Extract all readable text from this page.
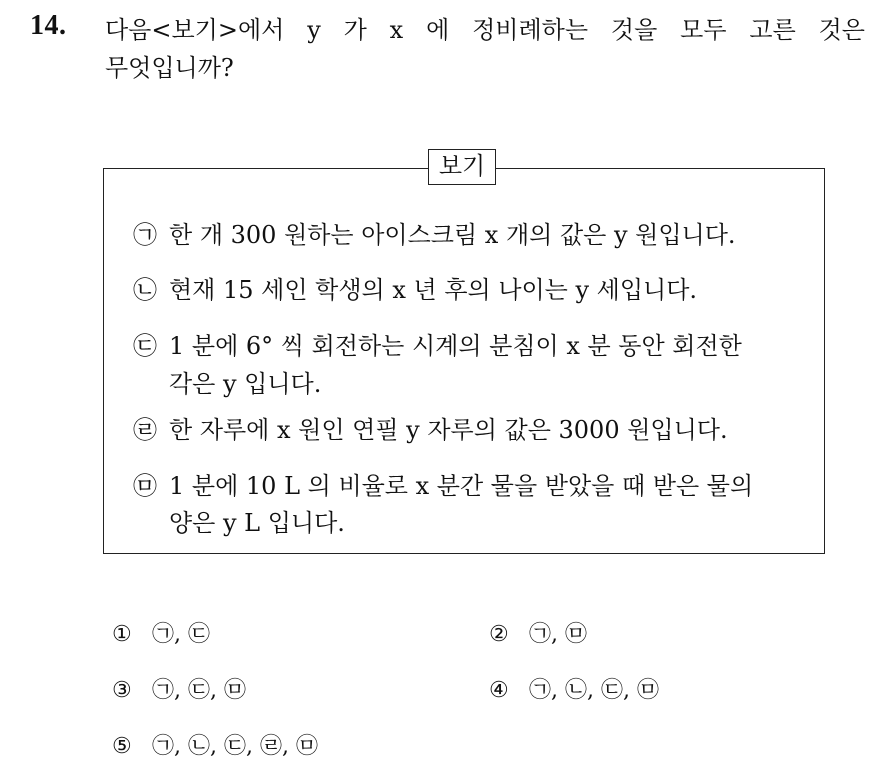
14. 다음<보기>에서 y 가 x 에 정비례하는 것을 모두 고른 것은
무엇입니까?
보기
㉠ 한 개 300 원하는 아이스크림 x 개의 값은 y 원입니다.
㉡ 현재 15 세인 학생의 x 년 후의 나이는 y 세입니다.
㉢ 1 분에 6° 씩 회전하는 시계의 분침이 x 분 동안 회전한
각은 y 입니다.
㉣ 한 자루에 x 원인 연필 y 자루의 값은 3000 원입니다.
㉤ 1 분에 10 L 의 비율로 x 분간 물을 받았을 때 받은 물의
양은 y L 입니다.
① ㉠, ㉢	② ㉠, ㉤
③ ㉠, ㉢, ㉤	④ ㉠, ㉡, ㉢, ㉤
⑤ ㉠, ㉡, ㉢, ㉣, ㉤
